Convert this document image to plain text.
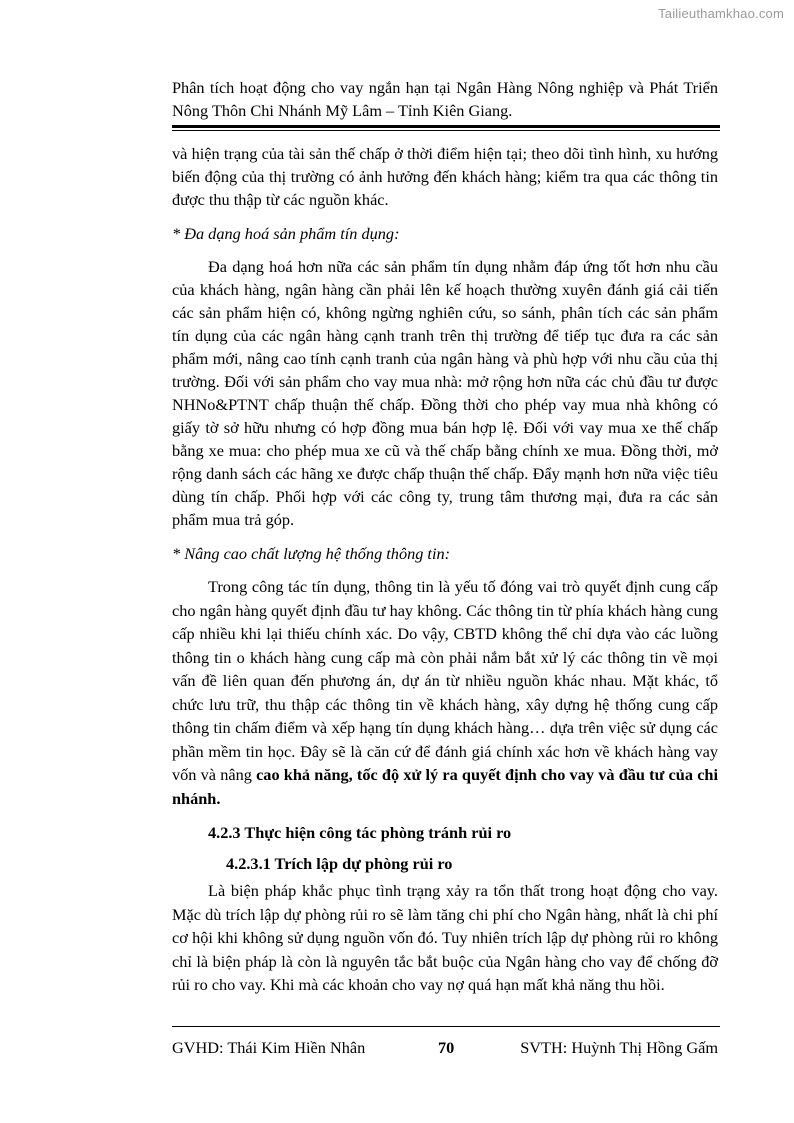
Tailieuthamkhao.com
Phân tích hoạt động cho vay ngắn hạn tại Ngân Hàng Nông nghiệp và Phát Triển Nông Thôn Chi Nhánh Mỹ Lâm – Tỉnh Kiên Giang.

và hiện trạng của tài sản thế chấp ở thời điểm hiện tại; theo dõi tình hình, xu hướng biến động của thị trường có ảnh hưởng đến khách hàng; kiểm tra qua các thông tin được thu thập từ các nguồn khác.

* Đa dạng hoá sản phẩm tín dụng:

Đa dạng hoá hơn nữa các sản phẩm tín dụng nhằm đáp ứng tốt hơn nhu cầu của khách hàng, ngân hàng cần phải lên kế hoạch thường xuyên đánh giá cải tiến các sản phẩm hiện có, không ngừng nghiên cứu, so sánh, phân tích các sản phẩm tín dụng của các ngân hàng cạnh tranh trên thị trường để tiếp tục đưa ra các sản phẩm mới, nâng cao tính cạnh tranh của ngân hàng và phù hợp với nhu cầu của thị trường. Đối với sản phẩm cho vay mua nhà: mở rộng hơn nữa các chủ đầu tư được NHNo&PTNT chấp thuận thế chấp. Đồng thời cho phép vay mua nhà không có giấy tờ sở hữu nhưng có hợp đồng mua bán hợp lệ. Đối với vay mua xe thế chấp bằng xe mua: cho phép mua xe cũ và thế chấp bằng chính xe mua. Đồng thời, mở rộng danh sách các hãng xe được chấp thuận thế chấp. Đẩy mạnh hơn nữa việc tiêu dùng tín chấp. Phối hợp với các công ty, trung tâm thương mại, đưa ra các sản phẩm mua trả góp.

* Nâng cao chất lượng hệ thống thông tin:

Trong công tác tín dụng, thông tin là yếu tố đóng vai trò quyết định cung cấp cho ngân hàng quyết định đầu tư hay không. Các thông tin từ phía khách hàng cung cấp nhiều khi lại thiếu chính xác. Do vậy, CBTD không thể chỉ dựa vào các luồng thông tin o khách hàng cung cấp mà còn phải nắm bắt xử lý các thông tin về mọi vấn đề liên quan đến phương án, dự án từ nhiều nguồn khác nhau. Mặt khác, tổ chức lưu trữ, thu thập các thông tin về khách hàng, xây dựng hệ thống cung cấp thông tin chấm điểm và xếp hạng tín dụng khách hàng… dựa trên việc sử dụng các phần mềm tin học. Đây sẽ là căn cứ để đánh giá chính xác hơn về khách hàng vay vốn và nâng cao khả năng, tốc độ xử lý ra quyết định cho vay và đầu tư của chi nhánh.

4.2.3 Thực hiện công tác phòng tránh rủi ro

4.2.3.1 Trích lập dự phòng rủi ro

Là biện pháp khắc phục tình trạng xảy ra tổn thất trong hoạt động cho vay. Mặc dù trích lập dự phòng rủi ro sẽ làm tăng chi phí cho Ngân hàng, nhất là chi phí cơ hội khi không sử dụng nguồn vốn đó. Tuy nhiên trích lập dự phòng rủi ro không chỉ là biện pháp là còn là nguyên tắc bắt buộc của Ngân hàng cho vay để chống đỡ rủi ro cho vay. Khi mà các khoản cho vay nợ quá hạn mất khả năng thu hồi.

GVHD: Thái Kim Hiền Nhân	70	SVTH: Huỳnh Thị Hồng Gấm
